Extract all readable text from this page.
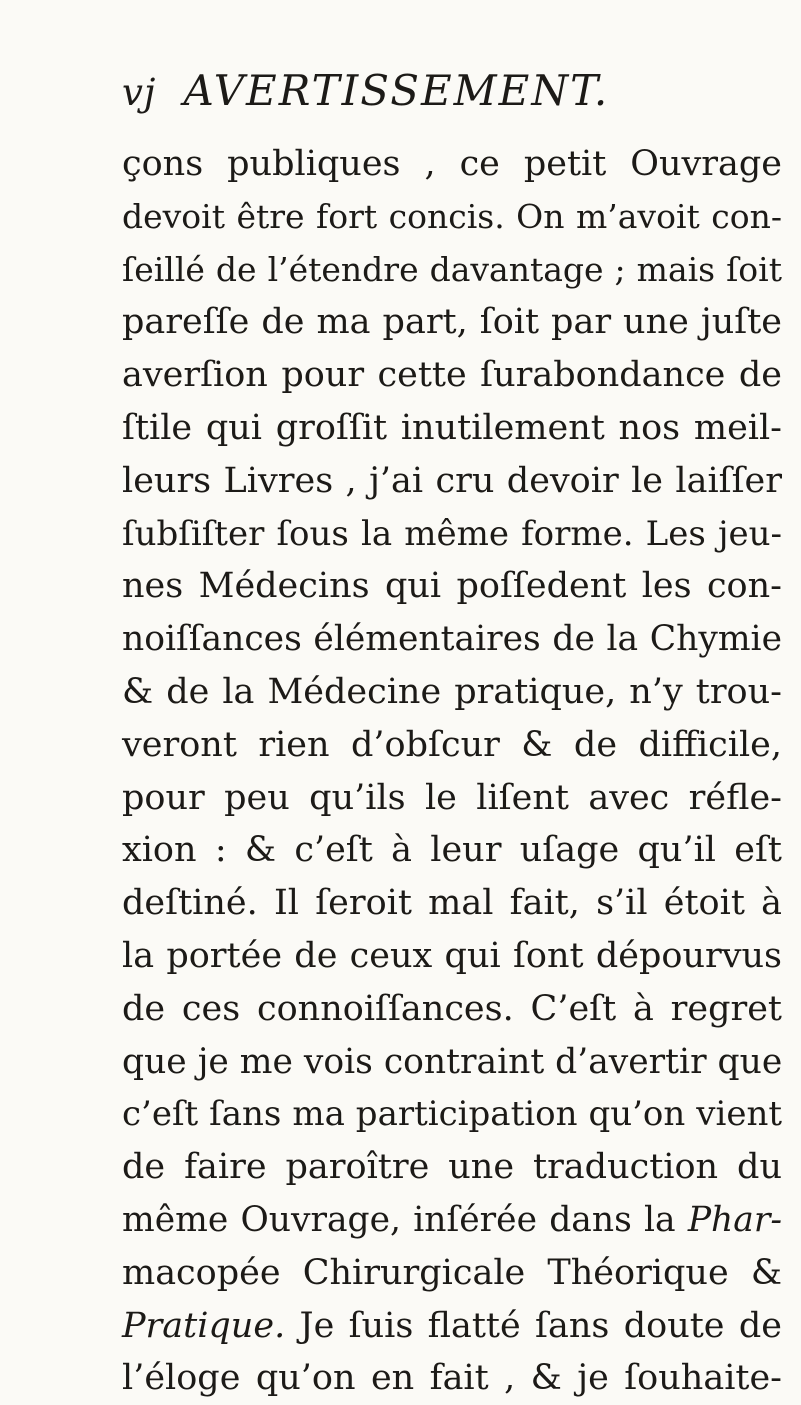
vj AVERTISSEMENT.
çons publiques , ce petit Ouvrage
devoit être fort concis. On m’avoit con-
ſeillé de l’étendre davantage ; mais ſoit
pareſſe de ma part, ſoit par une juſte
averſion pour cette ſurabondance de
ſtile qui groſſit inutilement nos meil-
leurs Livres , j’ai cru devoir le laiſſer
ſubſiſter ſous la même forme. Les jeu-
nes Médecins qui poſſedent les con-
noiſſances élémentaires de la Chymie
& de la Médecine pratique, n’y trou-
veront rien d’obſcur & de difficile,
pour peu qu’ils le liſent avec réfle-
xion : & c’eſt à leur uſage qu’il eſt
deſtiné. Il ſeroit mal fait, s’il étoit à
la portée de ceux qui ſont dépourvus
de ces connoiſſances. C’eſt à regret
que je me vois contraint d’avertir que
c’eſt ſans ma participation qu’on vient
de faire paroître une traduction du
même Ouvrage, inſérée dans la Phar-
macopée Chirurgicale Théorique &
Pratique. Je ſuis flatté ſans doute de
l’éloge qu’on en fait , & je ſouhaite-
